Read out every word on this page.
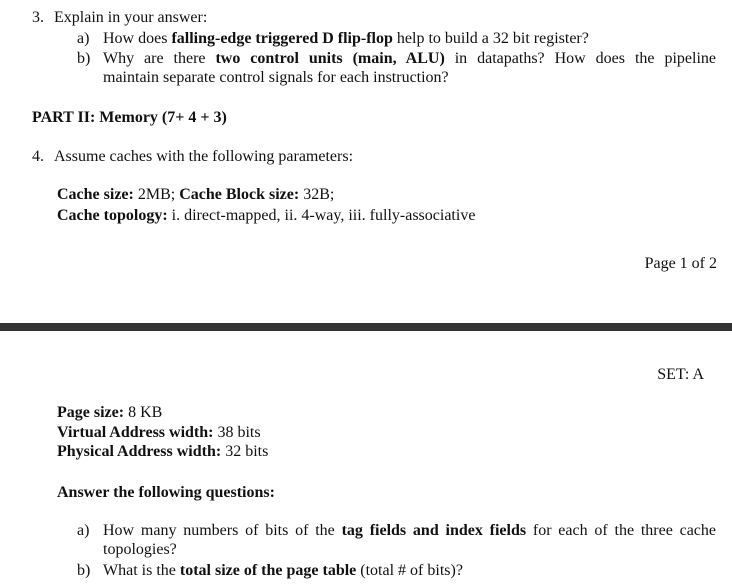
3. Explain in your answer:
a) How does falling-edge triggered D flip-flop help to build a 32 bit register?
b) Why are there two control units (main, ALU) in datapaths? How does the pipeline
maintain separate control signals for each instruction?
PART II: Memory (7+ 4 + 3)
4. Assume caches with the following parameters:
Cache size: 2MB; Cache Block size: 32B;
Cache topology: i. direct-mapped, ii. 4-way, iii. fully-associative
Page 1 of 2
SET: A
Page size: 8 KB
Virtual Address width: 38 bits
Physical Address width: 32 bits
Answer the following questions:
a) How many numbers of bits of the tag fields and index fields for each of the three cache
topologies?
b) What is the total size of the page table (total # of bits)?
